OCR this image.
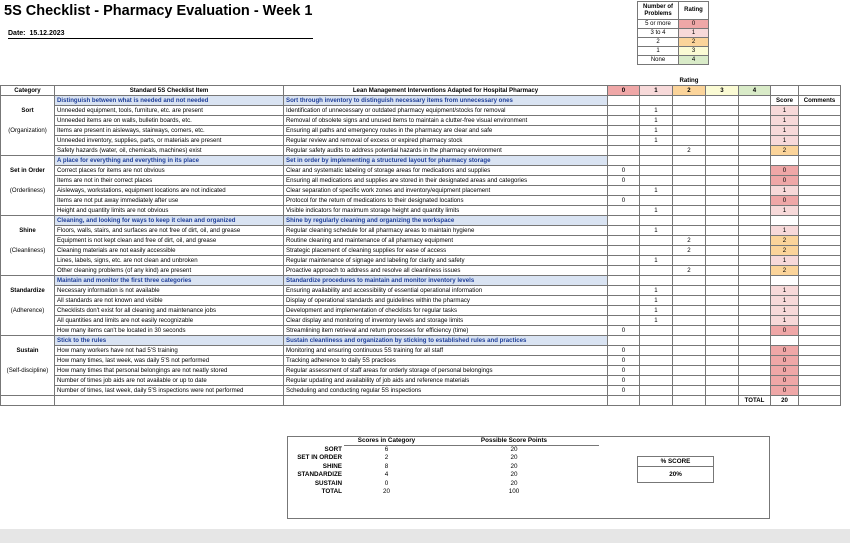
5S Checklist - Pharmacy Evaluation - Week 1
Date: 15.12.2023
Number of Problems	Rating
5 or more	0
3 to 4	1
2	2
1	3
None	4
					Rating				
Category	Standard 5S Checklist Item	Lean Management Interventions Adapted for Hospital Pharmacy	0	1	2	3	4		
	Distinguish between what is needed and not needed	Sort through inventory to distinguish necessary items from unnecessary ones						Score	Comments
Sort	Unneeded equipment, tools, furniture, etc. are present	Identification of unnecessary or outdated pharmacy equipment/stocks for removal		1				1	
	Unneeded items are on walls, bulletin boards, etc.	Removal of obsolete signs and unused items to maintain a clutter-free visual environment		1				1	
(Organization)	Items are present in aisleways, stairways, corners, etc.	Ensuring all paths and emergency routes in the pharmacy are clear and safe		1				1	
	Unneeded inventory, supplies, parts, or materials are present	Regular review and removal of excess or expired pharmacy stock		1				1	
	Safety hazards (water, oil, chemicals, machines) exist	Regular safety audits to address potential hazards in the pharmacy environment			2			2	
	A place for everything and everything in its place	Set in order by implementing a structured layout for pharmacy storage							
Set in Order	Correct places for items are not obvious	Clear and systematic labeling of storage areas for medications and supplies	0					0	
	Items are not in their correct places	Ensuring all medications and supplies are stored in their designated areas and categories	0					0	
(Orderliness)	Aisleways, workstations, equipment locations are not indicated	Clear separation of specific work zones and inventory/equipment placement		1				1	
	Items are not put away immediately after use	Protocol for the return of medications to their designated locations	0					0	
	Height and quantity limits are not obvious	Visible indicators for maximum storage height and quantity limits		1				1	
	Cleaning, and looking for ways to keep it clean and organized	Shine by regularly cleaning and organizing the workspace							
Shine	Floors, walls, stairs, and surfaces are not free of dirt, oil, and grease	Regular cleaning schedule for all pharmacy areas to maintain hygiene		1				1	
	Equipment is not kept clean and free of dirt, oil, and grease	Routine cleaning and maintenance of all pharmacy equipment			2			2	
(Cleanliness)	Cleaning materials are not easily accessible	Strategic placement of cleaning supplies for ease of access			2			2	
	Lines, labels, signs, etc. are not clean and unbroken	Regular maintenance of signage and labeling for clarity and safety		1				1	
	Other cleaning problems (of any kind) are present	Proactive approach to address and resolve all cleanliness issues			2			2	
	Maintain and monitor the first three categories	Standardize procedures to maintain and monitor inventory levels							
Standardize	Necessary information is not available	Ensuring availability and accessibility of essential operational information		1				1	
	All standards are not known and visible	Display of operational standards and guidelines within the pharmacy		1				1	
(Adherence)	Checklists don't exist for all cleaning and maintenance jobs	Development and implementation of checklists for regular tasks		1				1	
	All quantities and limits are not easily recognizable	Clear display and monitoring of inventory levels and storage limits		1				1	
	How many items can't be located in 30 seconds	Streamlining item retrieval and return processes for efficiency (time)	0					0	
	Stick to the rules	Sustain cleanliness and organization by sticking to established rules and practices							
Sustain	How many workers have not had 5'S training	Monitoring and ensuring continuous 5S training for all staff	0					0	
	How many times, last week, was daily 5'S not performed	Tracking adherence to daily 5S practices	0					0	
(Self-discipline)	How many times that personal belongings are not neatly stored	Regular assessment of staff areas for orderly storage of personal belongings	0					0	
	Number of times job aids are not available or up to date	Regular updating and availability of job aids and reference materials	0					0	
	Number of times, last week, daily 5'S inspections were not performed	Scheduling and conducting regular 5S inspections	0					0	
							TOTAL	20	
	Scores in Category	Possible Score Points
SORT	6	20
SET IN ORDER	2	20
SHINE	8	20
STANDARDIZE	4	20
SUSTAIN	0	20
TOTAL	20	100
% SCORE
20%
